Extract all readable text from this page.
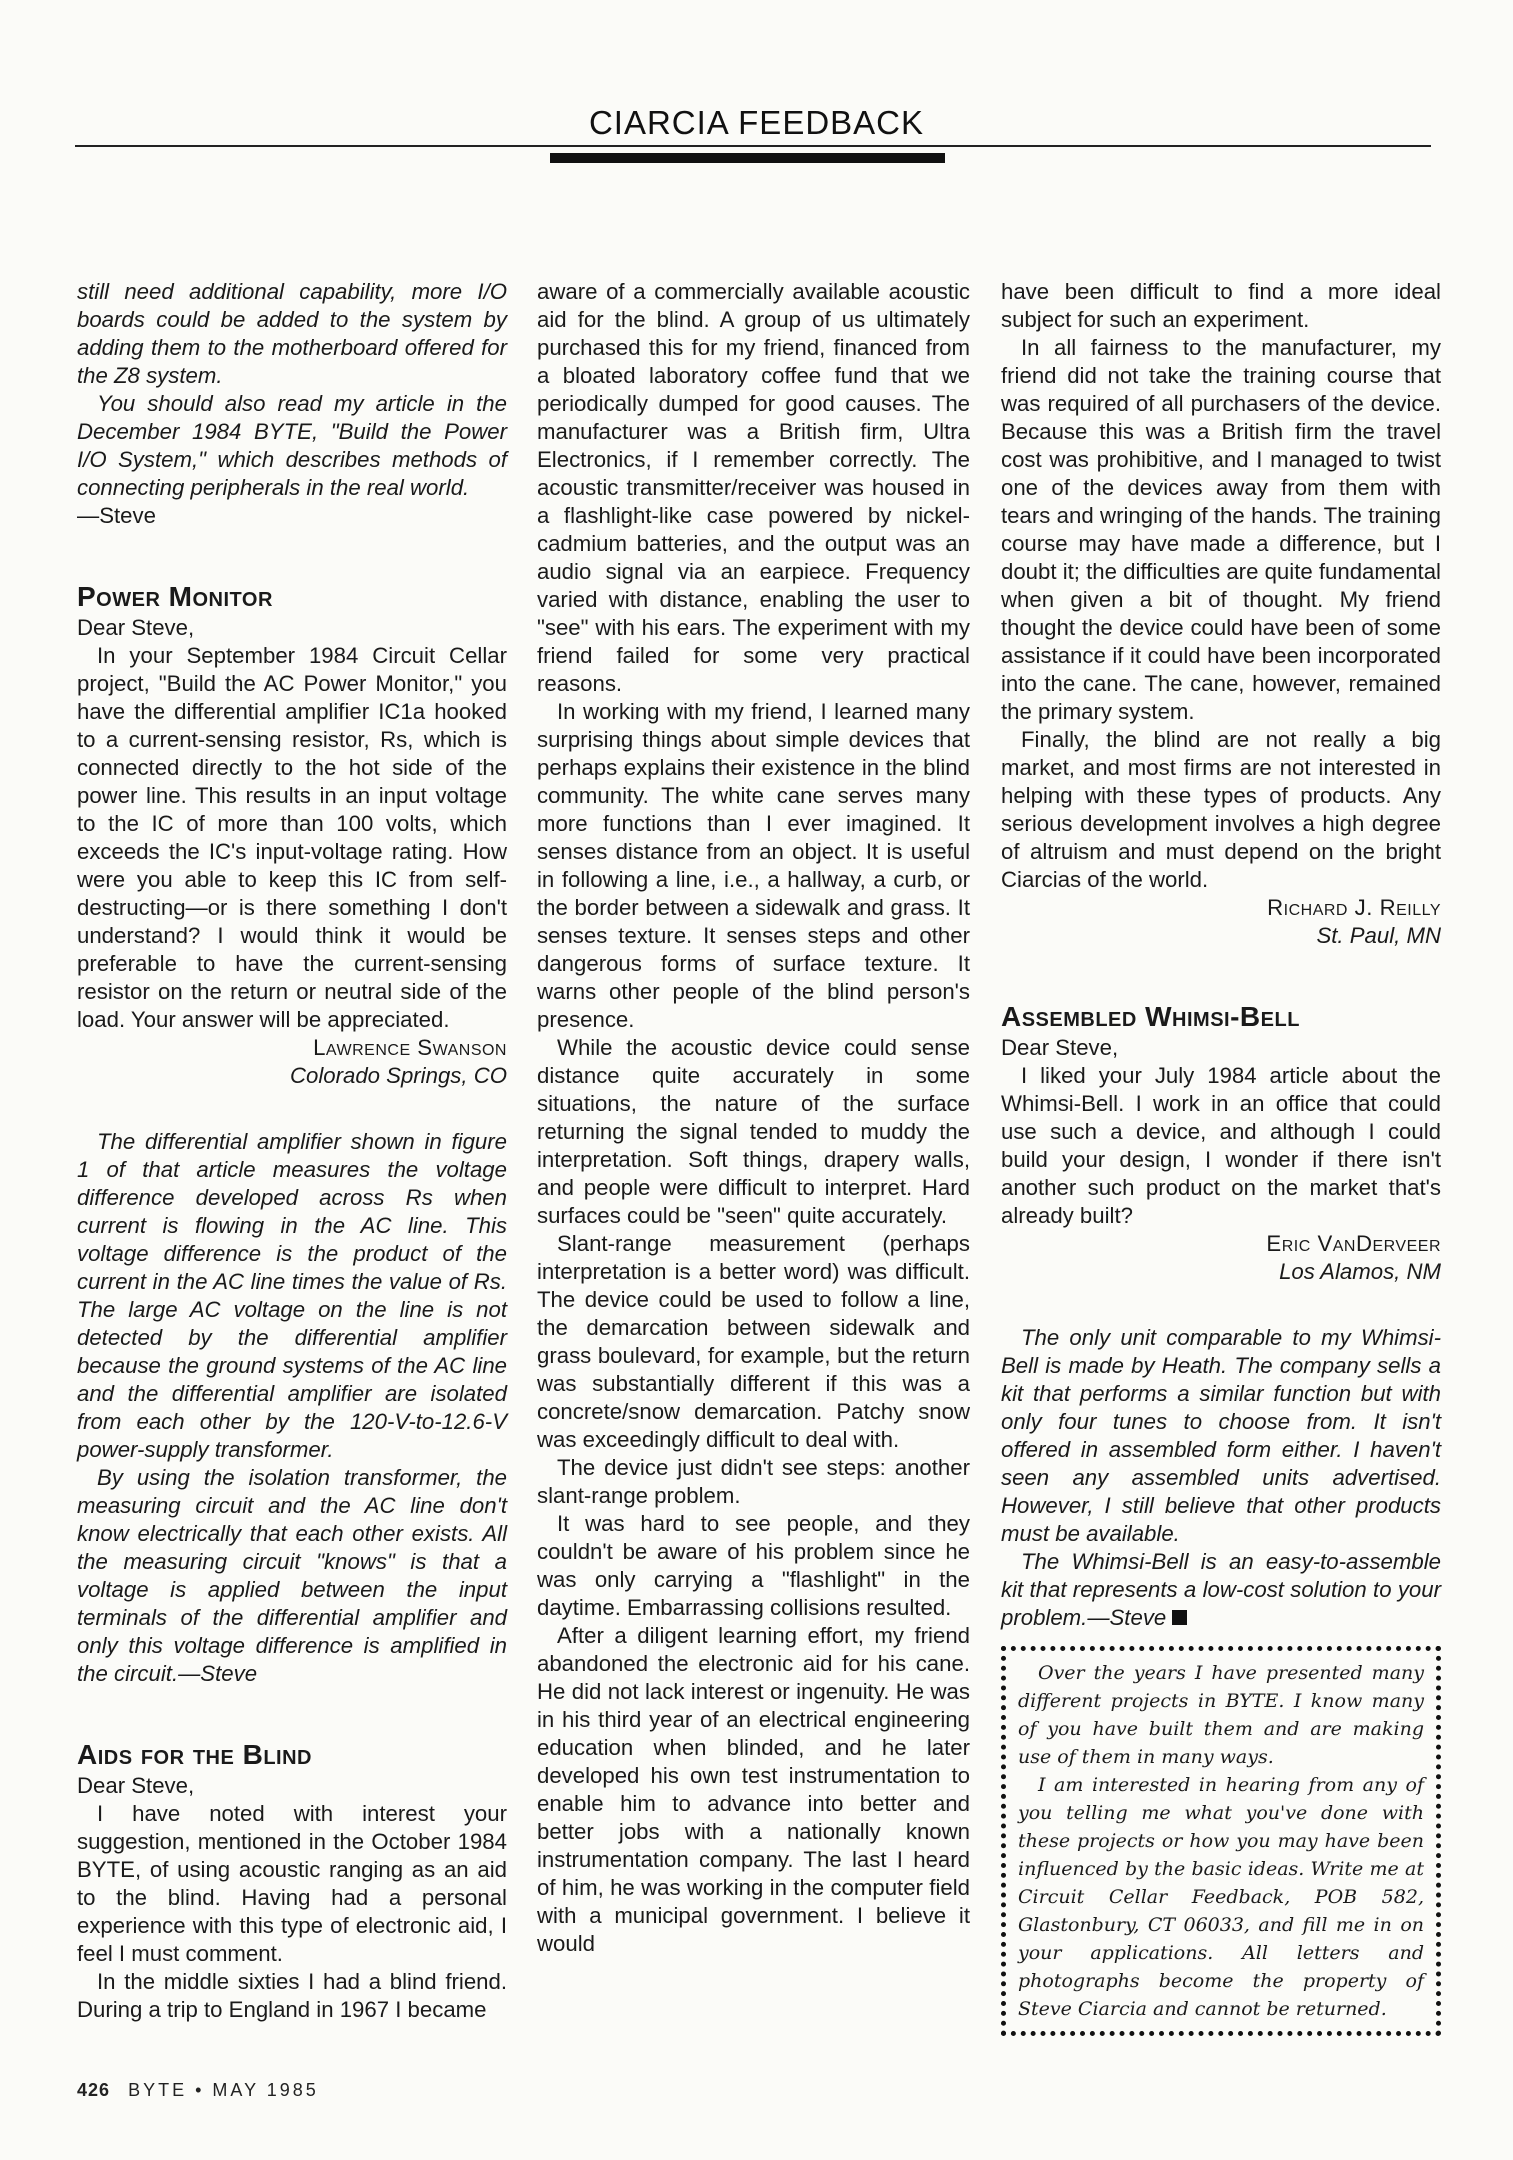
CIARCIA FEEDBACK

still need additional capability, more I/O boards could be added to the system by adding them to the motherboard offered for the Z8 system.

You should also read my article in the December 1984 BYTE, "Build the Power I/O System," which describes methods of connecting peripherals in the real world.

—Steve

Power Monitor

Dear Steve,

In your September 1984 Circuit Cellar project, "Build the AC Power Monitor," you have the differential amplifier IC1a hooked to a current-sensing resistor, Rs, which is connected directly to the hot side of the power line. This results in an input voltage to the IC of more than 100 volts, which exceeds the IC's input-voltage rating. How were you able to keep this IC from self-destructing—or is there something I don't understand? I would think it would be preferable to have the current-sensing resistor on the return or neutral side of the load. Your answer will be appreciated.

Lawrence Swanson

Colorado Springs, CO

The differential amplifier shown in figure 1 of that article measures the voltage difference developed across Rs when current is flowing in the AC line. This voltage difference is the product of the current in the AC line times the value of Rs. The large AC voltage on the line is not detected by the differential amplifier because the ground systems of the AC line and the differential amplifier are isolated from each other by the 120-V-to-12.6-V power-supply transformer.

By using the isolation transformer, the measuring circuit and the AC line don't know electrically that each other exists. All the measuring circuit "knows" is that a voltage is applied between the input terminals of the differential amplifier and only this voltage difference is amplified in the circuit.—Steve

Aids for the Blind

Dear Steve,

I have noted with interest your suggestion, mentioned in the October 1984 BYTE, of using acoustic ranging as an aid to the blind. Having had a personal experience with this type of electronic aid, I feel I must comment.

In the middle sixties I had a blind friend. During a trip to England in 1967 I became

aware of a commercially available acoustic aid for the blind. A group of us ultimately purchased this for my friend, financed from a bloated laboratory coffee fund that we periodically dumped for good causes. The manufacturer was a British firm, Ultra Electronics, if I remember correctly. The acoustic transmitter/receiver was housed in a flashlight-like case powered by nickel-cadmium batteries, and the output was an audio signal via an earpiece. Frequency varied with distance, enabling the user to "see" with his ears. The experiment with my friend failed for some very practical reasons.

In working with my friend, I learned many surprising things about simple devices that perhaps explains their existence in the blind community. The white cane serves many more functions than I ever imagined. It senses distance from an object. It is useful in following a line, i.e., a hallway, a curb, or the border between a sidewalk and grass. It senses texture. It senses steps and other dangerous forms of surface texture. It warns other people of the blind person's presence.

While the acoustic device could sense distance quite accurately in some situations, the nature of the surface returning the signal tended to muddy the interpretation. Soft things, drapery walls, and people were difficult to interpret. Hard surfaces could be "seen" quite accurately.

Slant-range measurement (perhaps interpretation is a better word) was difficult. The device could be used to follow a line, the demarcation between sidewalk and grass boulevard, for example, but the return was substantially different if this was a concrete/snow demarcation. Patchy snow was exceedingly difficult to deal with.

The device just didn't see steps: another slant-range problem.

It was hard to see people, and they couldn't be aware of his problem since he was only carrying a "flashlight" in the daytime. Embarrassing collisions resulted.

After a diligent learning effort, my friend abandoned the electronic aid for his cane. He did not lack interest or ingenuity. He was in his third year of an electrical engineering education when blinded, and he later developed his own test instrumentation to enable him to advance into better and better jobs with a nationally known instrumentation company. The last I heard of him, he was working in the computer field with a municipal government. I believe it would

have been difficult to find a more ideal subject for such an experiment.

In all fairness to the manufacturer, my friend did not take the training course that was required of all purchasers of the device. Because this was a British firm the travel cost was prohibitive, and I managed to twist one of the devices away from them with tears and wringing of the hands. The training course may have made a difference, but I doubt it; the difficulties are quite fundamental when given a bit of thought. My friend thought the device could have been of some assistance if it could have been incorporated into the cane. The cane, however, remained the primary system.

Finally, the blind are not really a big market, and most firms are not interested in helping with these types of products. Any serious development involves a high degree of altruism and must depend on the bright Ciarcias of the world.

Richard J. Reilly

St. Paul, MN

Assembled Whimsi-Bell

Dear Steve,

I liked your July 1984 article about the Whimsi-Bell. I work in an office that could use such a device, and although I could build your design, I wonder if there isn't another such product on the market that's already built?

Eric VanDerveer

Los Alamos, NM

The only unit comparable to my Whimsi-Bell is made by Heath. The company sells a kit that performs a similar function but with only four tunes to choose from. It isn't offered in assembled form either. I haven't seen any assembled units advertised. However, I still believe that other products must be available.

The Whimsi-Bell is an easy-to-assemble kit that represents a low-cost solution to your problem.—Steve

Over the years I have presented many different projects in BYTE. I know many of you have built them and are making use of them in many ways.

I am interested in hearing from any of you telling me what you've done with these projects or how you may have been influenced by the basic ideas. Write me at Circuit Cellar Feedback, POB 582, Glastonbury, CT 06033, and fill me in on your applications. All letters and photographs become the property of Steve Ciarcia and cannot be returned.

426 BYTE • MAY 1985
